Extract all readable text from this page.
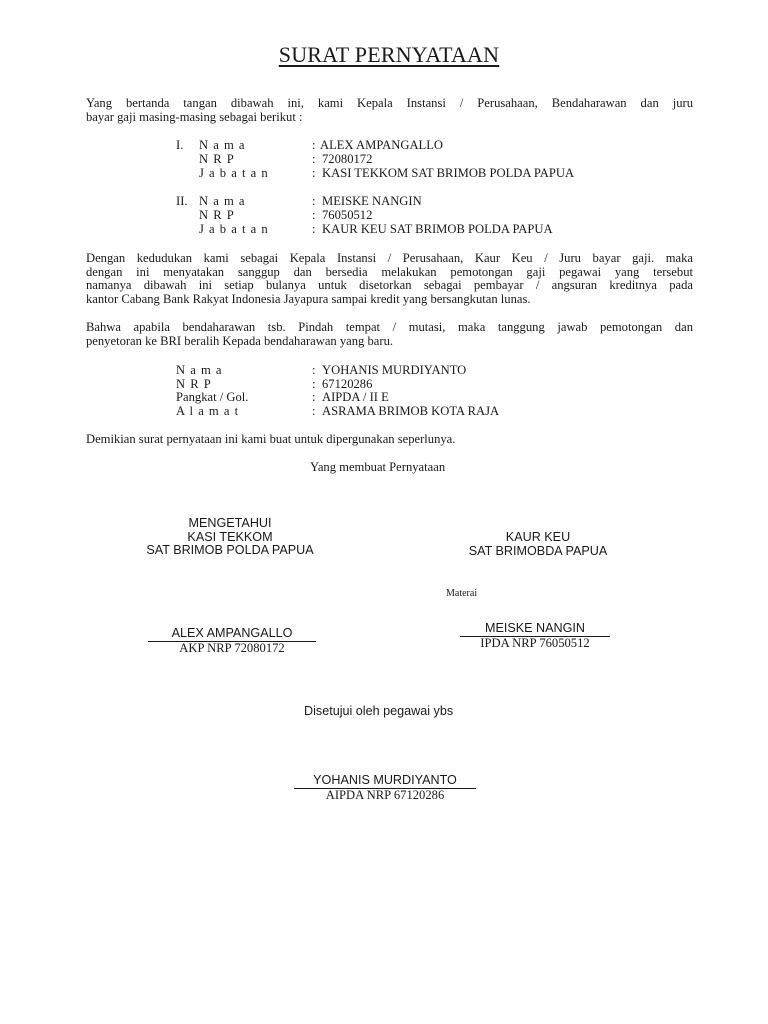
SURAT PERNYATAAN
Yang bertanda tangan dibawah ini, kami Kepala Instansi / Perusahaan, Bendaharawan dan juru
bayar gaji masing-masing sebagai berikut :
I. N a m a	: ALEX AMPANGALLO
N R P	: 72080172
J a b a t a n	: KASI TEKKOM SAT BRIMOB POLDA PAPUA
II. N a m a	: MEISKE NANGIN
N R P	: 76050512
J a b a t a n	: KAUR KEU SAT BRIMOB POLDA PAPUA
Dengan kedudukan kami sebagai Kepala Instansi / Perusahaan, Kaur Keu / Juru bayar gaji. maka
dengan ini menyatakan sanggup dan bersedia melakukan pemotongan gaji pegawai yang tersebut
namanya dibawah ini setiap bulanya untuk disetorkan sebagai pembayar / angsuran kreditnya pada
kantor Cabang Bank Rakyat Indonesia Jayapura sampai kredit yang bersangkutan lunas.
Bahwa apabila bendaharawan tsb. Pindah tempat / mutasi, maka tanggung jawab pemotongan dan
penyetoran ke BRI beralih Kepada bendaharawan yang baru.
N a m a	: YOHANIS MURDIYANTO
N R P	: 67120286
Pangkat / Gol.	: AIPDA / II E
A l a m a t	: ASRAMA BRIMOB KOTA RAJA
Demikian surat pernyataan ini kami buat untuk dipergunakan seperlunya.
Yang membuat Pernyataan
MENGETAHUI
KASI TEKKOM
SAT BRIMOB POLDA PAPUA
ALEX AMPANGALLO
AKP NRP 72080172
KAUR KEU
SAT BRIMOBDA PAPUA
Materai
MEISKE NANGIN
IPDA NRP 76050512
Disetujui oleh pegawai ybs
YOHANIS MURDIYANTO
AIPDA NRP 67120286
